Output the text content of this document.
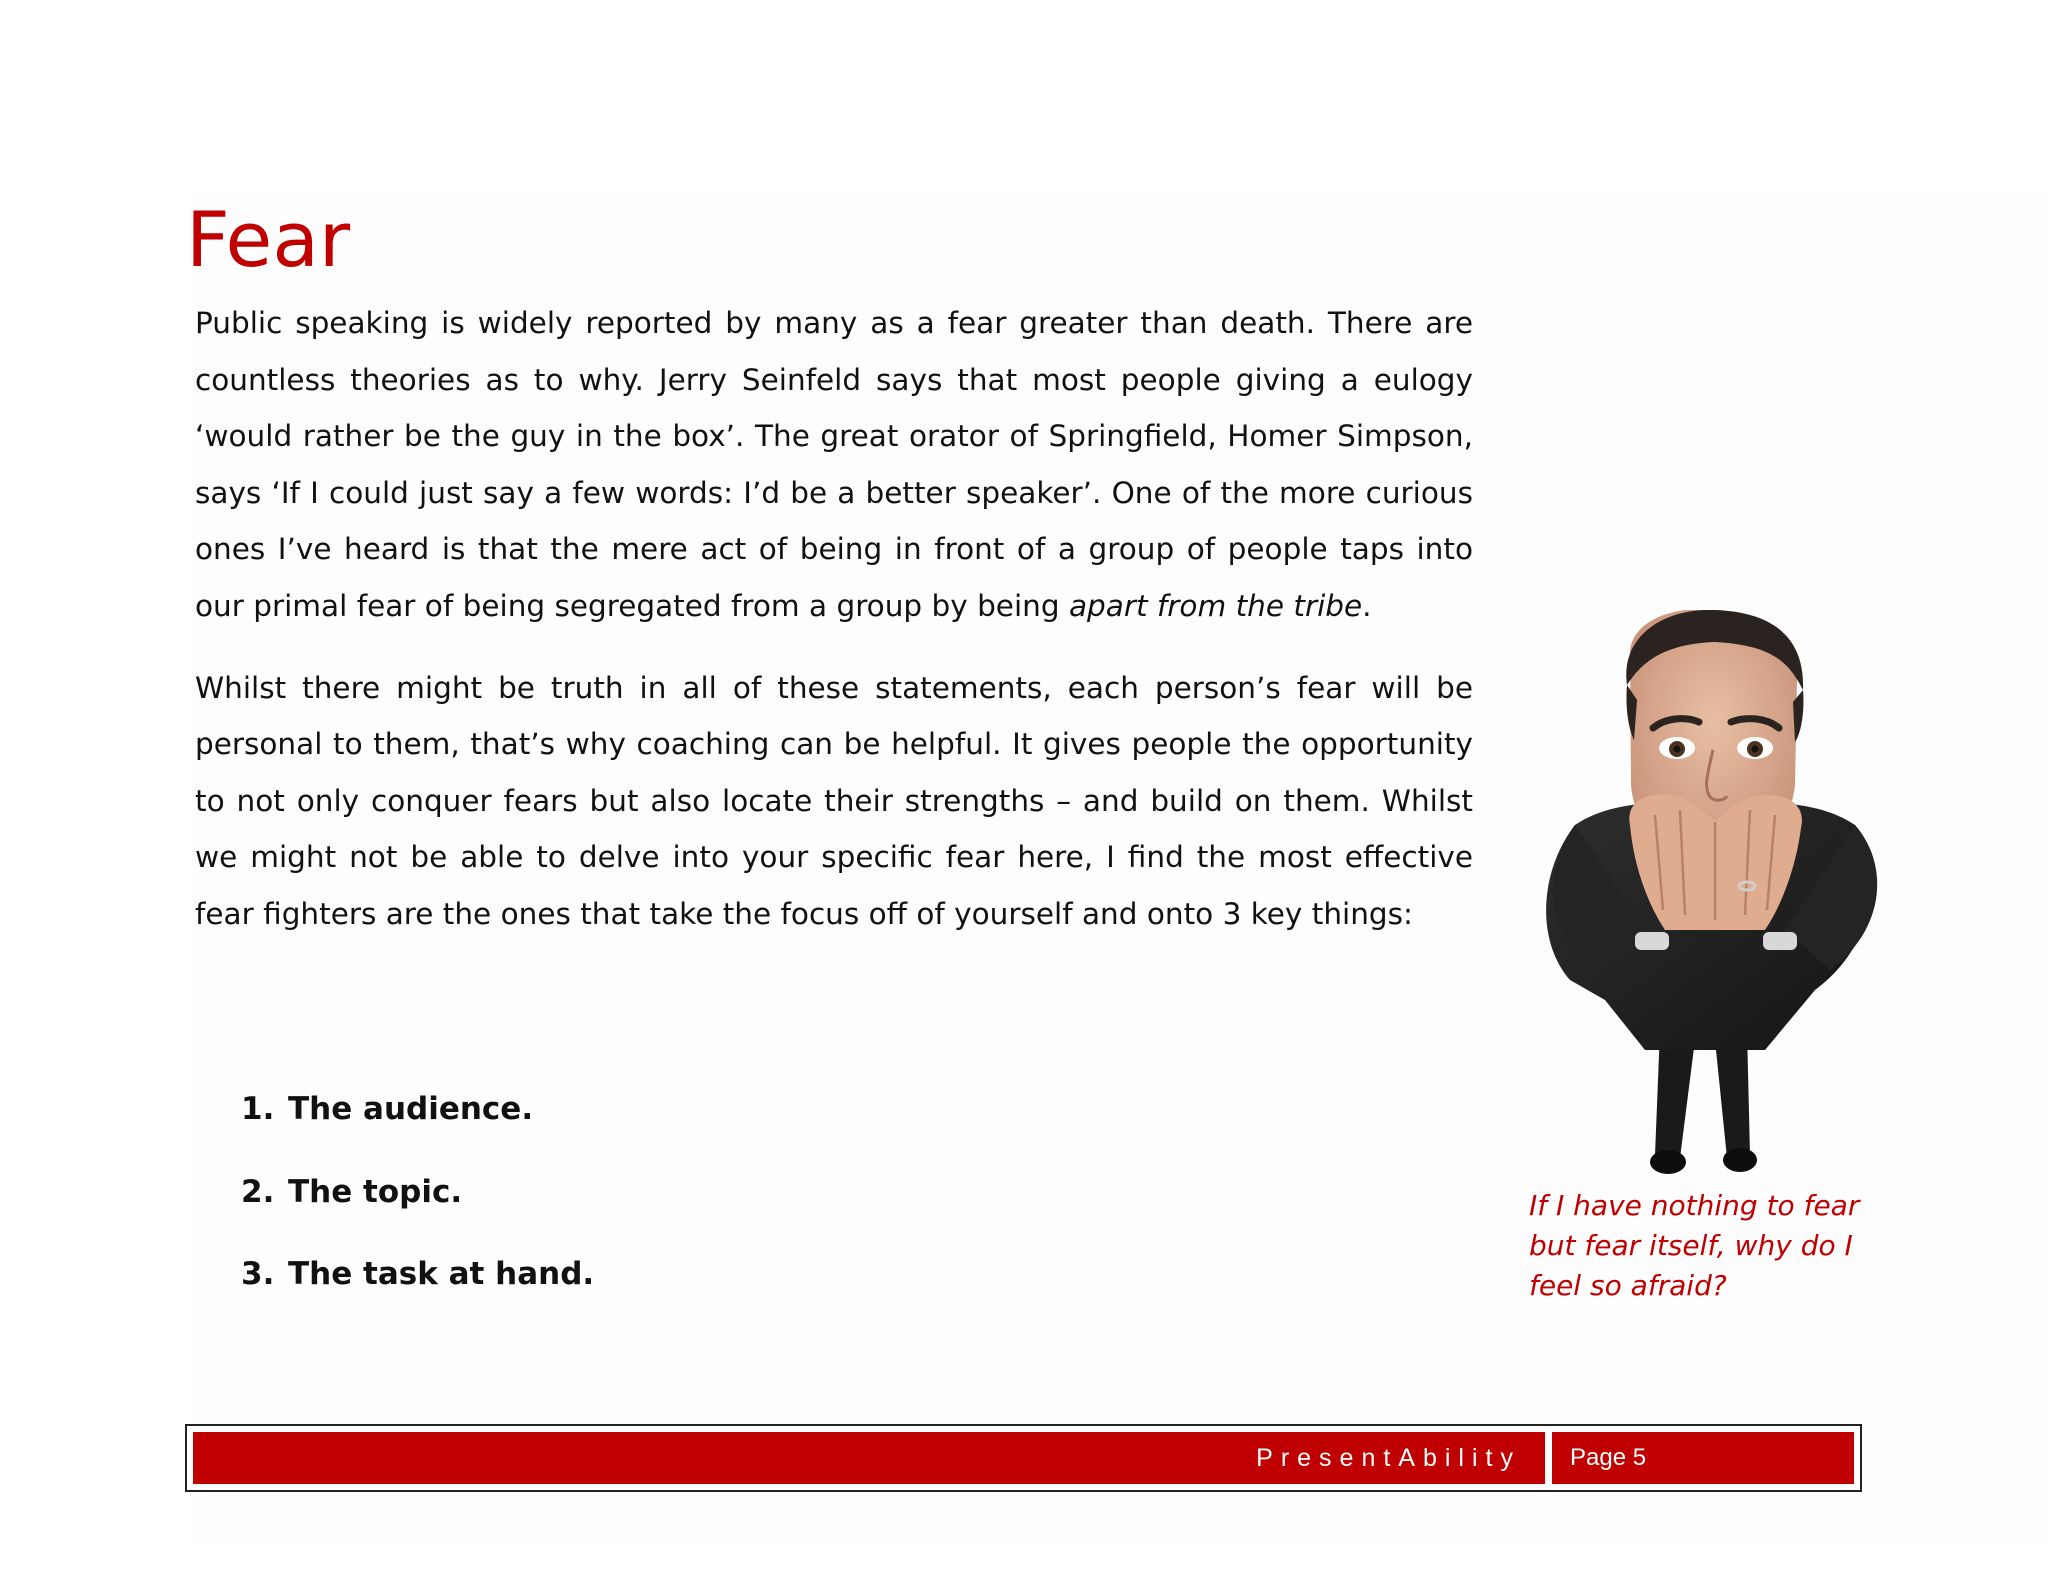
Fear

Public speaking is widely reported by many as a fear greater than death. There are countless theories as to why. Jerry Seinfeld says that most people giving a eulogy ‘would rather be the guy in the box’. The great orator of Springfield, Homer Simpson, says ‘If I could just say a few words: I’d be a better speaker’. One of the more curious ones I’ve heard is that the mere act of being in front of a group of people taps into our primal fear of being segregated from a group by being apart from the tribe.

Whilst there might be truth in all of these statements, each person’s fear will be personal to them, that’s why coaching can be helpful. It gives people the opportunity to not only conquer fears but also locate their strengths – and build on them. Whilst we might not be able to delve into your specific fear here, I find the most effective fear fighters are the ones that take the focus off of yourself and onto 3 key things:

1. The audience.
2. The topic.
3. The task at hand.

If I have nothing to fear but fear itself, why do I feel so afraid?

PresentAbility Page 5
